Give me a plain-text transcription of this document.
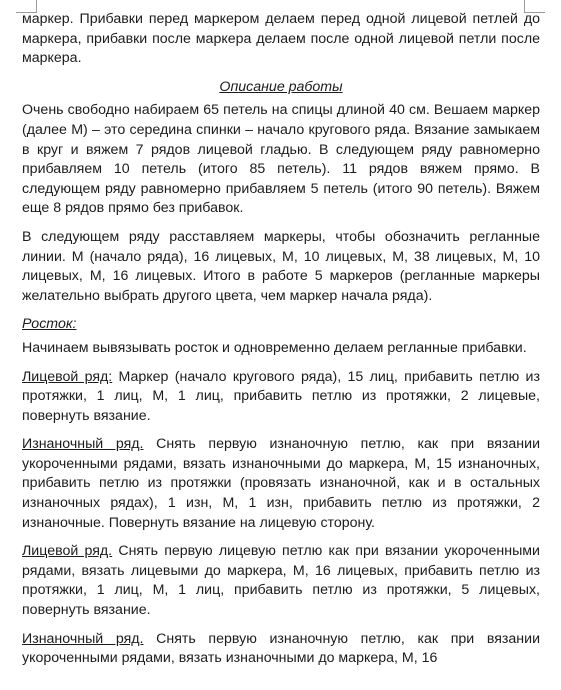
маркер. Прибавки перед маркером делаем перед одной лицевой петлей до маркера, прибавки после маркера делаем после одной лицевой петли после маркера.

Описание работы

Очень свободно набираем 65 петель на спицы длиной 40 см. Вешаем маркер (далее М) – это середина спинки – начало кругового ряда. Вязание замыкаем в круг и вяжем 7 рядов лицевой гладью. В следующем ряду равномерно прибавляем 10 петель (итого 85 петель). 11 рядов вяжем прямо. В следующем ряду равномерно прибавляем 5 петель (итого 90 петель). Вяжем еще 8 рядов прямо без прибавок.

В следующем ряду расставляем маркеры, чтобы обозначить регланные линии. М (начало ряда), 16 лицевых, М, 10 лицевых, М, 38 лицевых, М, 10 лицевых, М, 16 лицевых. Итого в работе 5 маркеров (регланные маркеры желательно выбрать другого цвета, чем маркер начала ряда).

Росток:

Начинаем вывязывать росток и одновременно делаем регланные прибавки.

Лицевой ряд: Маркер (начало кругового ряда), 15 лиц, прибавить петлю из протяжки, 1 лиц, М, 1 лиц, прибавить петлю из протяжки, 2 лицевые, повернуть вязание.

Изнаночный ряд. Снять первую изнаночную петлю, как при вязании укороченными рядами, вязать изнаночными до маркера, М, 15 изнаночных, прибавить петлю из протяжки (провязать изнаночной, как и в остальных изнаночных рядах), 1 изн, М, 1 изн, прибавить петлю из протяжки, 2 изнаночные. Повернуть вязание на лицевую сторону.

Лицевой ряд. Снять первую лицевую петлю как при вязании укороченными рядами, вязать лицевыми до маркера, М, 16 лицевых, прибавить петлю из протяжки, 1 лиц, М, 1 лиц, прибавить петлю из протяжки, 5 лицевых, повернуть вязание.

Изнаночный ряд. Снять первую изнаночную петлю, как при вязании укороченными рядами, вязать изнаночными до маркера, М, 16
